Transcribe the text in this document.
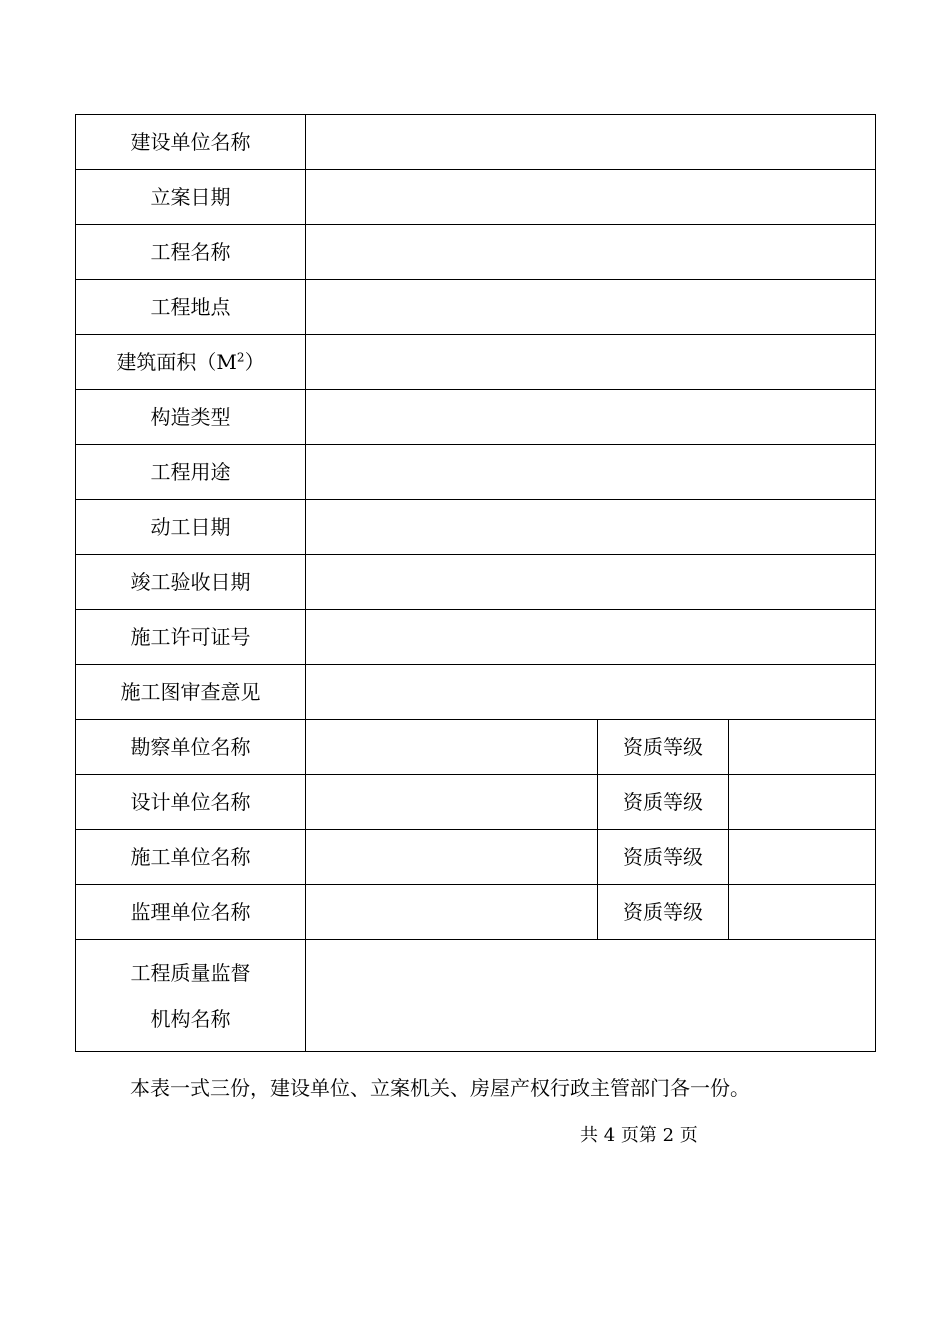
建设单位名称			
立案日期			
工程名称			
工程地点			
建筑面积$(M^2)$			
构造类型			
工程用途			
动工日期			
竣工验收日期			
施工许可证号			
施工图审查意见			
勘察单位名称		资质等级	
设计单位名称		资质等级	
施工单位名称		资质等级	
监理单位名称		资质等级	

工程质量监督
机构名称			

本表一式三份，建设单位、立案机关、房屋产权行政主管部门各一份。
共 4 页第 2 页
